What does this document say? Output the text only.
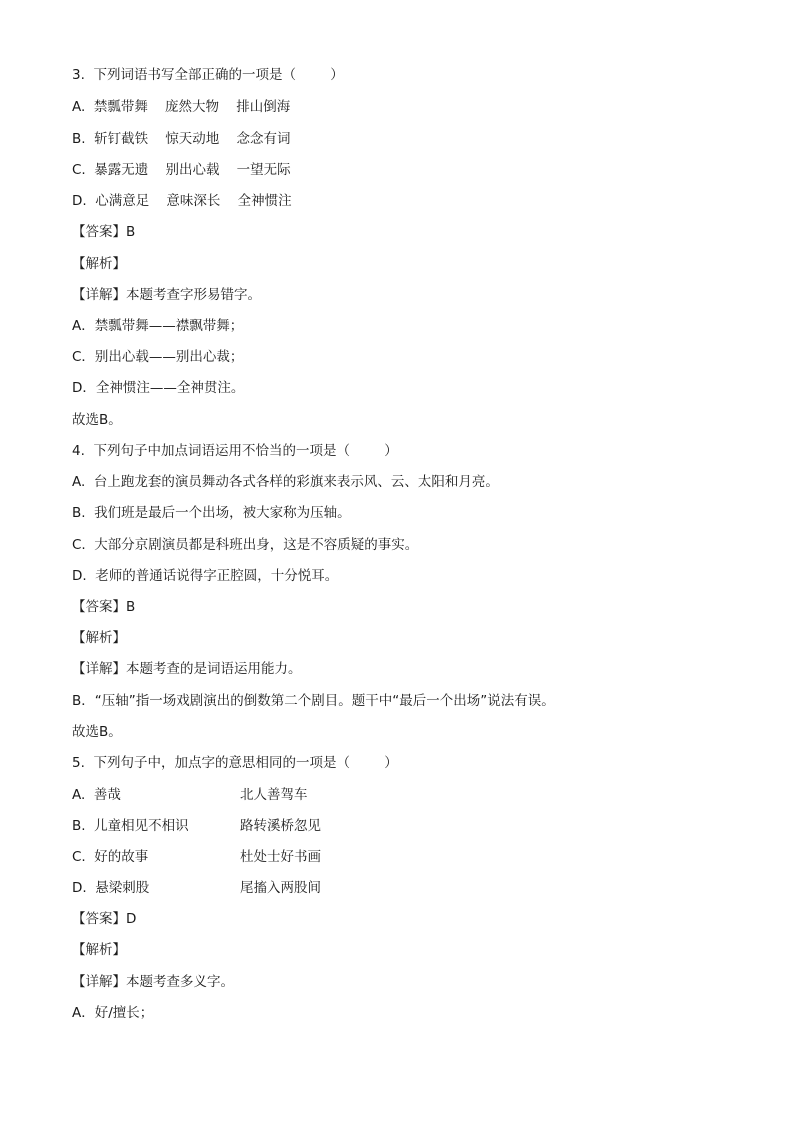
3.  下列词语书写全部正确的一项是（        ）
A.  禁瓢带舞    庞然大物    排山倒海
B.  斩钉截铁    惊天动地    念念有词
C.  暴露无遗    别出心载    一望无际
D.  心满意足    意味深长    全神惯注
【答案】B
【解析】
【详解】本题考查字形易错字。
A．禁瓢带舞——襟飘带舞；
C．别出心载——别出心裁；
D．全神惯注——全神贯注。
故选B。
4.  下列句子中加点词语运用不恰当的一项是（        ）
A.  台上跑龙套的演员舞动各式各样的彩旗来表示风、云、太阳和月亮。
B.  我们班是最后一个出场，被大家称为压轴。
C.  大部分京剧演员都是科班出身，这是不容质疑的事实。
D.  老师的普通话说得字正腔圆，十分悦耳。
【答案】B
【解析】
【详解】本题考查的是词语运用能力。
B．“压轴”指一场戏剧演出的倒数第二个剧目。题干中“最后一个出场”说法有误。
故选B。
5.  下列句子中，加点字的意思相同的一项是（        ）
A.  善哉	北人善驾车
B.  儿童相见不相识	路转溪桥忽见
C.  好的故事	杜处士好书画
D.  悬梁刺股	尾搐入两股间
【答案】D
【解析】
【详解】本题考查多义字。
A．好/擅长；
